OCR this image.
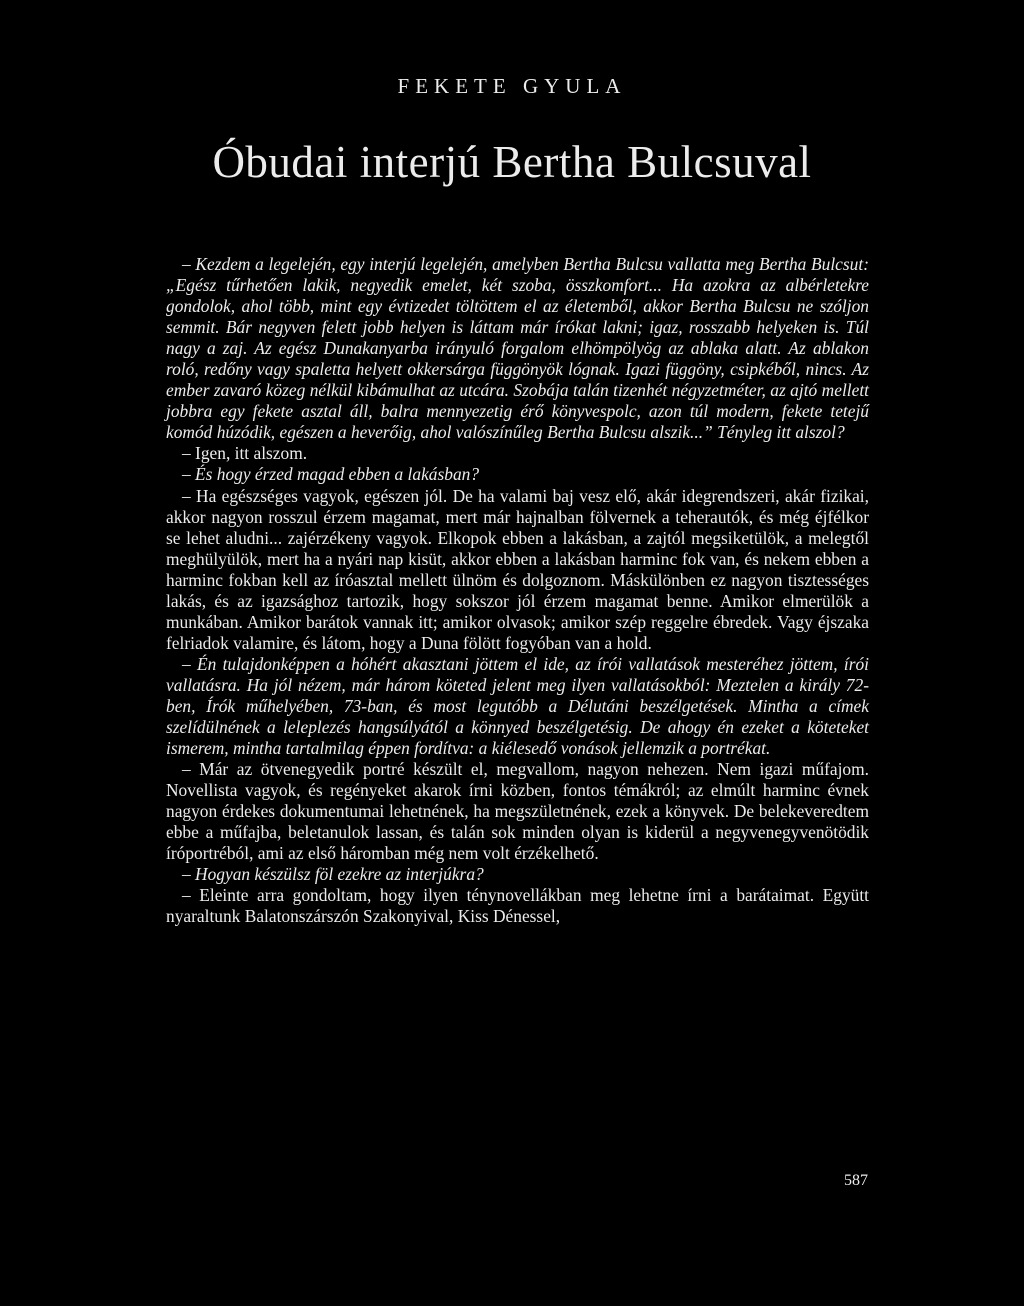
FEKETE GYULA
Óbudai interjú Bertha Bulcsuval

– Kezdem a legelején, egy interjú legelején, amelyben Bertha Bulcsu vallatta meg Bertha Bulcsut: „Egész tűrhetően lakik, negyedik emelet, két szoba, összkomfort... Ha azokra az albérletekre gondolok, ahol több, mint egy évtizedet töltöttem el az életemből, akkor Bertha Bulcsu ne szóljon semmit. Bár negyven felett jobb helyen is láttam már írókat lakni; igaz, rosszabb helyeken is. Túl nagy a zaj. Az egész Dunakanyarba irányuló forgalom elhömpölyög az ablaka alatt. Az ablakon roló, redőny vagy spaletta helyett okkersárga függönyök lógnak. Igazi függöny, csipkéből, nincs. Az ember zavaró közeg nélkül kibámulhat az utcára. Szobája talán tizenhét négyzetméter, az ajtó mellett jobbra egy fekete asztal áll, balra mennyezetig érő könyvespolc, azon túl modern, fekete tetejű komód húzódik, egészen a heverőig, ahol valószínűleg Bertha Bulcsu alszik...” Tényleg itt alszol?

– Igen, itt alszom.

– És hogy érzed magad ebben a lakásban?

– Ha egészséges vagyok, egészen jól. De ha valami baj vesz elő, akár idegrendszeri, akár fizikai, akkor nagyon rosszul érzem magamat, mert már hajnalban fölvernek a teherautók, és még éjfélkor se lehet aludni... zajérzékeny vagyok. Elkopok ebben a lakásban, a zajtól megsiketülök, a melegtől meghülyülök, mert ha a nyári nap kisüt, akkor ebben a lakásban harminc fok van, és nekem ebben a harminc fokban kell az íróasztal mellett ülnöm és dolgoznom. Máskülönben ez nagyon tisztességes lakás, és az igazsághoz tartozik, hogy sokszor jól érzem magamat benne. Amikor elmerülök a munkában. Amikor barátok vannak itt; amikor olvasok; amikor szép reggelre ébredek. Vagy éjszaka felriadok valamire, és látom, hogy a Duna fölött fogyóban van a hold.

– Én tulajdonképpen a hóhért akasztani jöttem el ide, az írói vallatások mesteréhez jöttem, írói vallatásra. Ha jól nézem, már három köteted jelent meg ilyen vallatásokból: Meztelen a király 72-ben, Írók műhelyében, 73-ban, és most legutóbb a Délutáni beszélgetések. Mintha a címek szelídülnének a leleplezés hangsúlyától a könnyed beszélgetésig. De ahogy én ezeket a köteteket ismerem, mintha tartalmilag éppen fordítva: a kiélesedő vonások jellemzik a portrékat.

– Már az ötvenegyedik portré készült el, megvallom, nagyon nehezen. Nem igazi műfajom. Novellista vagyok, és regényeket akarok írni közben, fontos témákról; az elmúlt harminc évnek nagyon érdekes dokumentumai lehetnének, ha megszületnének, ezek a könyvek. De belekeveredtem ebbe a műfajba, beletanulok lassan, és talán sok minden olyan is kiderül a negyvenegyvenötödik íróportréból, ami az első háromban még nem volt érzékelhető.

– Hogyan készülsz föl ezekre az interjúkra?

– Eleinte arra gondoltam, hogy ilyen ténynovellákban meg lehetne írni a barátaimat. Együtt nyaraltunk Balatonszárszón Szakonyival, Kiss Dénessel,

587
